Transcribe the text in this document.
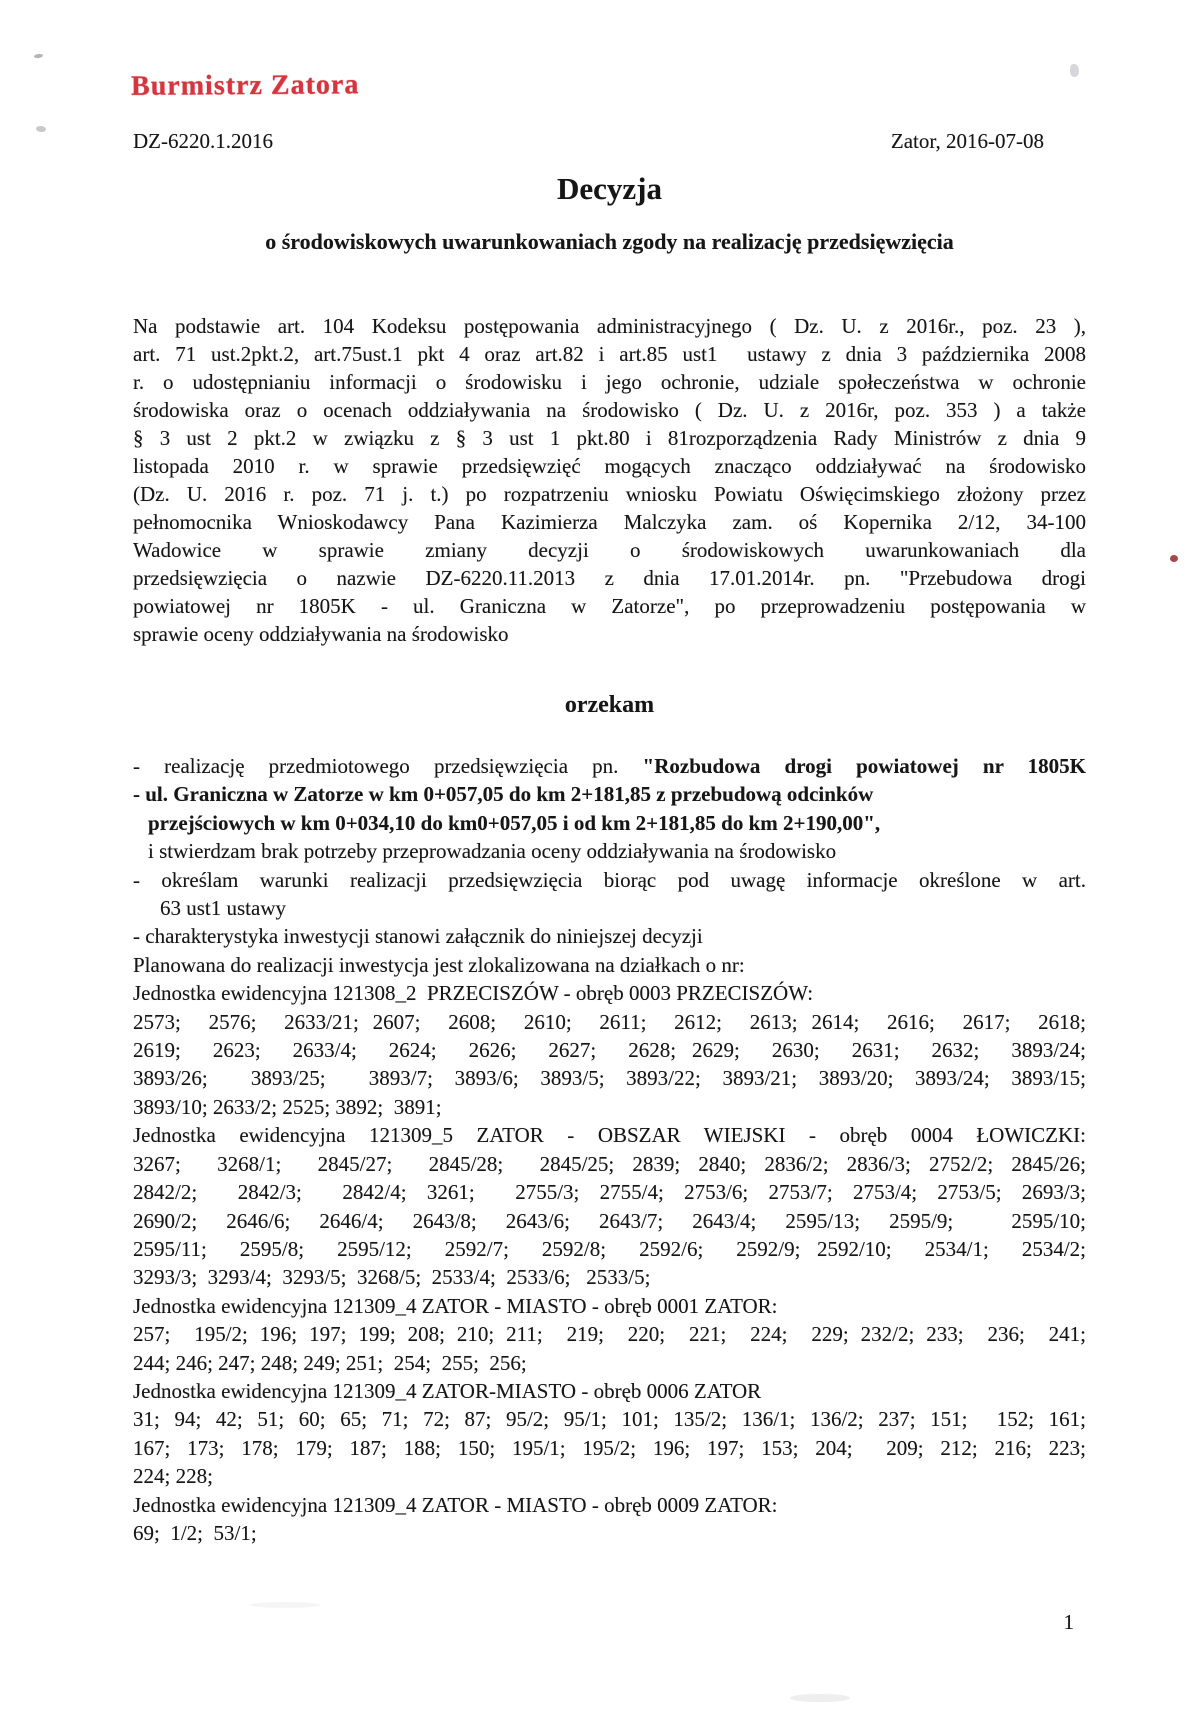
Burmistrz Zatora
DZ-6220.1.2016	Zator, 2016-07-08
Decyzja
o środowiskowych uwarunkowaniach zgody na realizację przedsięwzięcia
Na podstawie art. 104 Kodeksu postępowania administracyjnego ( Dz. U. z 2016r., poz. 23 ),
art. 71 ust.2pkt.2, art.75ust.1 pkt 4 oraz art.82 i art.85 ust1  ustawy z dnia 3 października 2008
r. o udostępnianiu informacji o środowisku i jego ochronie, udziale społeczeństwa w ochronie
środowiska oraz o ocenach oddziaływania na środowisko ( Dz. U. z 2016r, poz. 353 ) a także
§ 3 ust 2 pkt.2 w związku z § 3 ust 1 pkt.80 i 81rozporządzenia Rady Ministrów z dnia 9
listopada 2010 r. w sprawie przedsięwzięć mogących znacząco oddziaływać na środowisko
(Dz. U. 2016 r. poz. 71 j. t.) po rozpatrzeniu wniosku Powiatu Oświęcimskiego złożony przez
pełnomocnika Wnioskodawcy Pana Kazimierza Malczyka zam. oś Kopernika 2/12, 34-100
Wadowice w sprawie zmiany decyzji o środowiskowych uwarunkowaniach dla
przedsięwzięcia o nazwie DZ-6220.11.2013 z dnia 17.01.2014r. pn. "Przebudowa drogi
powiatowej nr 1805K - ul. Graniczna w Zatorze", po przeprowadzeniu postępowania w
sprawie oceny oddziaływania na środowisko
orzekam
- realizację przedmiotowego przedsięwzięcia pn. "Rozbudowa drogi powiatowej nr 1805K
- ul. Graniczna w Zatorze w km 0+057,05 do km 2+181,85 z przebudową odcinków
przejściowych w km 0+034,10 do km0+057,05 i od km 2+181,85 do km 2+190,00",
i stwierdzam brak potrzeby przeprowadzania oceny oddziaływania na środowisko
- określam warunki realizacji przedsięwzięcia biorąc pod uwagę informacje określone w art.
63 ust1 ustawy
- charakterystyka inwestycji stanowi załącznik do niniejszej decyzji
Planowana do realizacji inwestycja jest zlokalizowana na działkach o nr:
Jednostka ewidencyjna 121308_2  PRZECISZÓW - obręb 0003 PRZECISZÓW:
2573;  2576;  2633/21; 2607;  2608;  2610;  2611;  2612;  2613; 2614;  2616;  2617;  2618;
2619;  2623;  2633/4;  2624;  2626;  2627;  2628; 2629;  2630;  2631;  2632;  3893/24;
3893/26;  3893/25;  3893/7; 3893/6; 3893/5; 3893/22; 3893/21; 3893/20; 3893/24; 3893/15;
3893/10; 2633/2; 2525; 3892;  3891;
Jednostka ewidencyjna 121309_5 ZATOR - OBSZAR WIEJSKI - obręb 0004 ŁOWICZKI:
3267;  3268/1;  2845/27;  2845/28;  2845/25; 2839; 2840; 2836/2; 2836/3; 2752/2; 2845/26;
2842/2;  2842/3;  2842/4; 3261;  2755/3; 2755/4; 2753/6; 2753/7; 2753/4; 2753/5; 2693/3;
2690/2; 2646/6; 2646/4; 2643/8; 2643/6; 2643/7; 2643/4; 2595/13; 2595/9;  2595/10;
2595/11;  2595/8;  2595/12;  2592/7;  2592/8;  2592/6;  2592/9; 2592/10;  2534/1;  2534/2;
3293/3;  3293/4;  3293/5;  3268/5;  2533/4;  2533/6;   2533/5;
Jednostka ewidencyjna 121309_4 ZATOR - MIASTO - obręb 0001 ZATOR:
257;  195/2; 196; 197; 199; 208; 210; 211;  219;  220;  221;  224;  229; 232/2; 233;  236;  241;
244; 246; 247; 248; 249; 251;  254;  255;  256;
Jednostka ewidencyjna 121309_4 ZATOR-MIASTO - obręb 0006 ZATOR
31; 94; 42; 51; 60; 65; 71; 72; 87; 95/2; 95/1; 101; 135/2; 136/1; 136/2; 237; 151;  152; 161;
167; 173; 178; 179; 187; 188; 150; 195/1; 195/2; 196; 197; 153; 204;  209; 212; 216; 223;
224; 228;
Jednostka ewidencyjna 121309_4 ZATOR - MIASTO - obręb 0009 ZATOR:
69;  1/2;  53/1;
1
